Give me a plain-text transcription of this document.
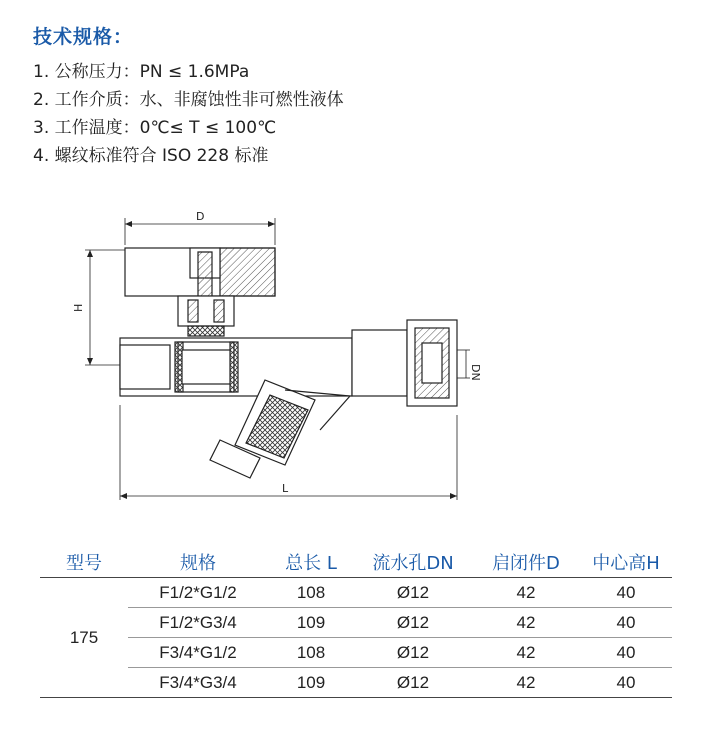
技术规格：
1. 公称压力：PN ≤ 1.6MPa
2. 工作介质：水、非腐蚀性非可燃性液体
3. 工作温度：0℃≤ T ≤ 100℃
4. 螺纹标准符合 ISO 228 标准
D
H
DN
L
型号	规格	总长 L	流水孔DN	启闭件D	中心高H
175	F1/2*G1/2	108	Ø12	42	40
	F1/2*G3/4	109	Ø12	42	40
	F3/4*G1/2	108	Ø12	42	40
	F3/4*G3/4	109	Ø12	42	40
